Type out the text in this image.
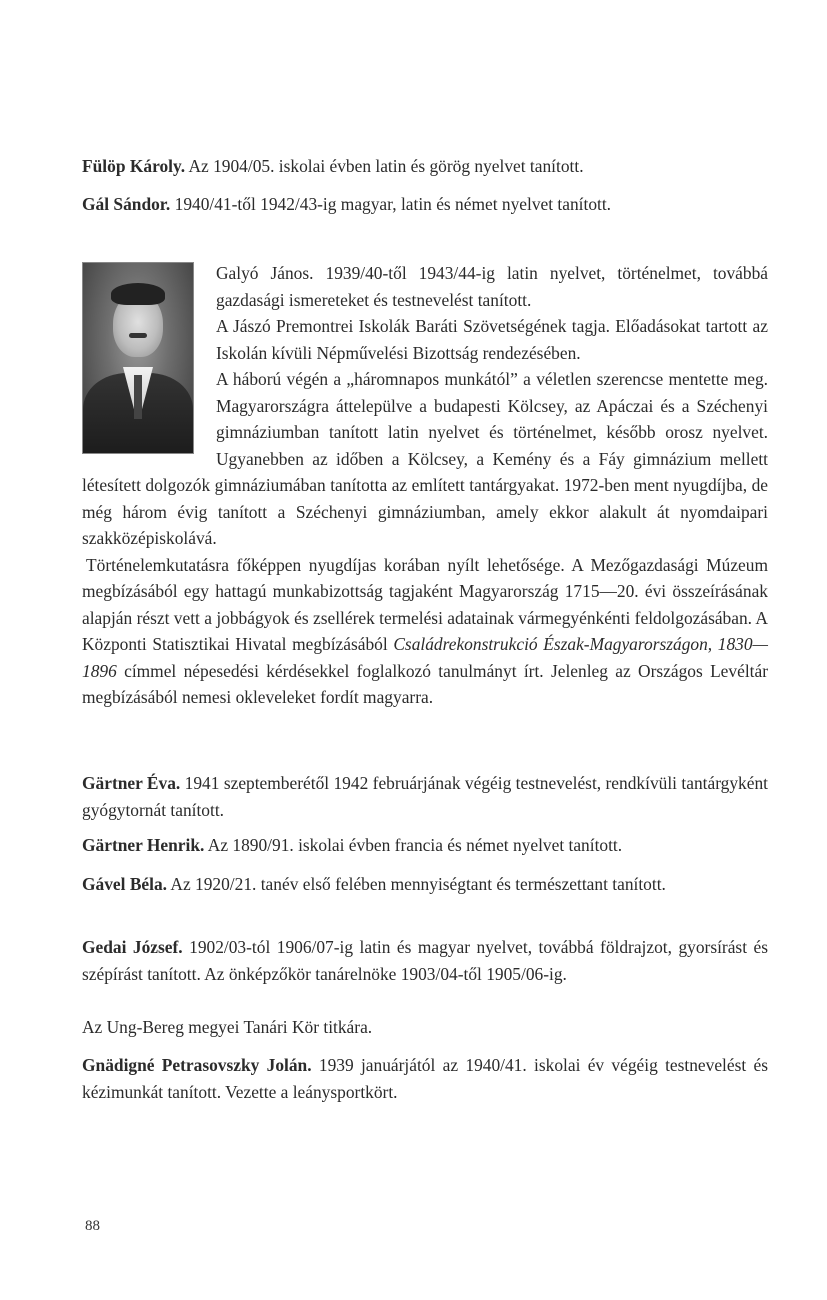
Fülöp Károly. Az 1904/05. iskolai évben latin és görög nyelvet tanított.

Gál Sándor. 1940/41-től 1942/43-ig magyar, latin és német nyelvet tanított.

Galyó János. 1939/40-től 1943/44-ig latin nyelvet, történelmet, továbbá gazdasági ismereteket és testnevelést tanított.
A Jászó Premontrei Iskolák Baráti Szövetségének tagja. Előadásokat tartott az Iskolán kívüli Népművelési Bizottság rendezésében.
A háború végén a „háromnapos munkától” a véletlen szerencse mentette meg. Magyarországra áttelepülve a budapesti Kölcsey, az Apáczai és a Széchenyi gimnáziumban tanított latin nyelvet és történelmet, később orosz nyelvet. Ugyanebben az időben a Kölcsey, a Kemény és a Fáy gimnázium mellett létesített dolgozók gimnáziumában tanította az említett tantárgyakat. 1972-ben ment nyugdíjba, de még három évig tanított a Széchenyi gimnáziumban, amely ekkor alakult át nyomdaipari szakközépiskolává.
Történelemkutatásra főképpen nyugdíjas korában nyílt lehetősége. A Mezőgazdasági Múzeum megbízásából egy hattagú munkabizottság tagjaként Magyarország 1715—20. évi összeírásának alapján részt vett a jobbágyok és zsellérek termelési adatainak vármegyénkénti feldolgozásában. A Központi Statisztikai Hivatal megbízásából Családrekonstrukció Észak-Magyarországon, 1830—1896 címmel népesedési kérdésekkel foglalkozó tanulmányt írt. Jelenleg az Országos Levéltár megbízásából nemesi okleveleket fordít magyarra.

Gärtner Éva. 1941 szeptemberétől 1942 februárjának végéig testnevelést, rendkívüli tantárgyként gyógytornát tanított.

Gärtner Henrik. Az 1890/91. iskolai évben francia és német nyelvet tanított.

Gável Béla. Az 1920/21. tanév első felében mennyiségtant és természettant tanított.

Gedai József. 1902/03-tól 1906/07-ig latin és magyar nyelvet, továbbá földrajzot, gyorsírást és szépírást tanított. Az önképzőkör tanárelnöke 1903/04-től 1905/06-ig.

Az Ung-Bereg megyei Tanári Kör titkára.

Gnädigné Petrasovszky Jolán. 1939 januárjától az 1940/41. iskolai év végéig testnevelést és kézimunkát tanított. Vezette a leánysportkört.

88
